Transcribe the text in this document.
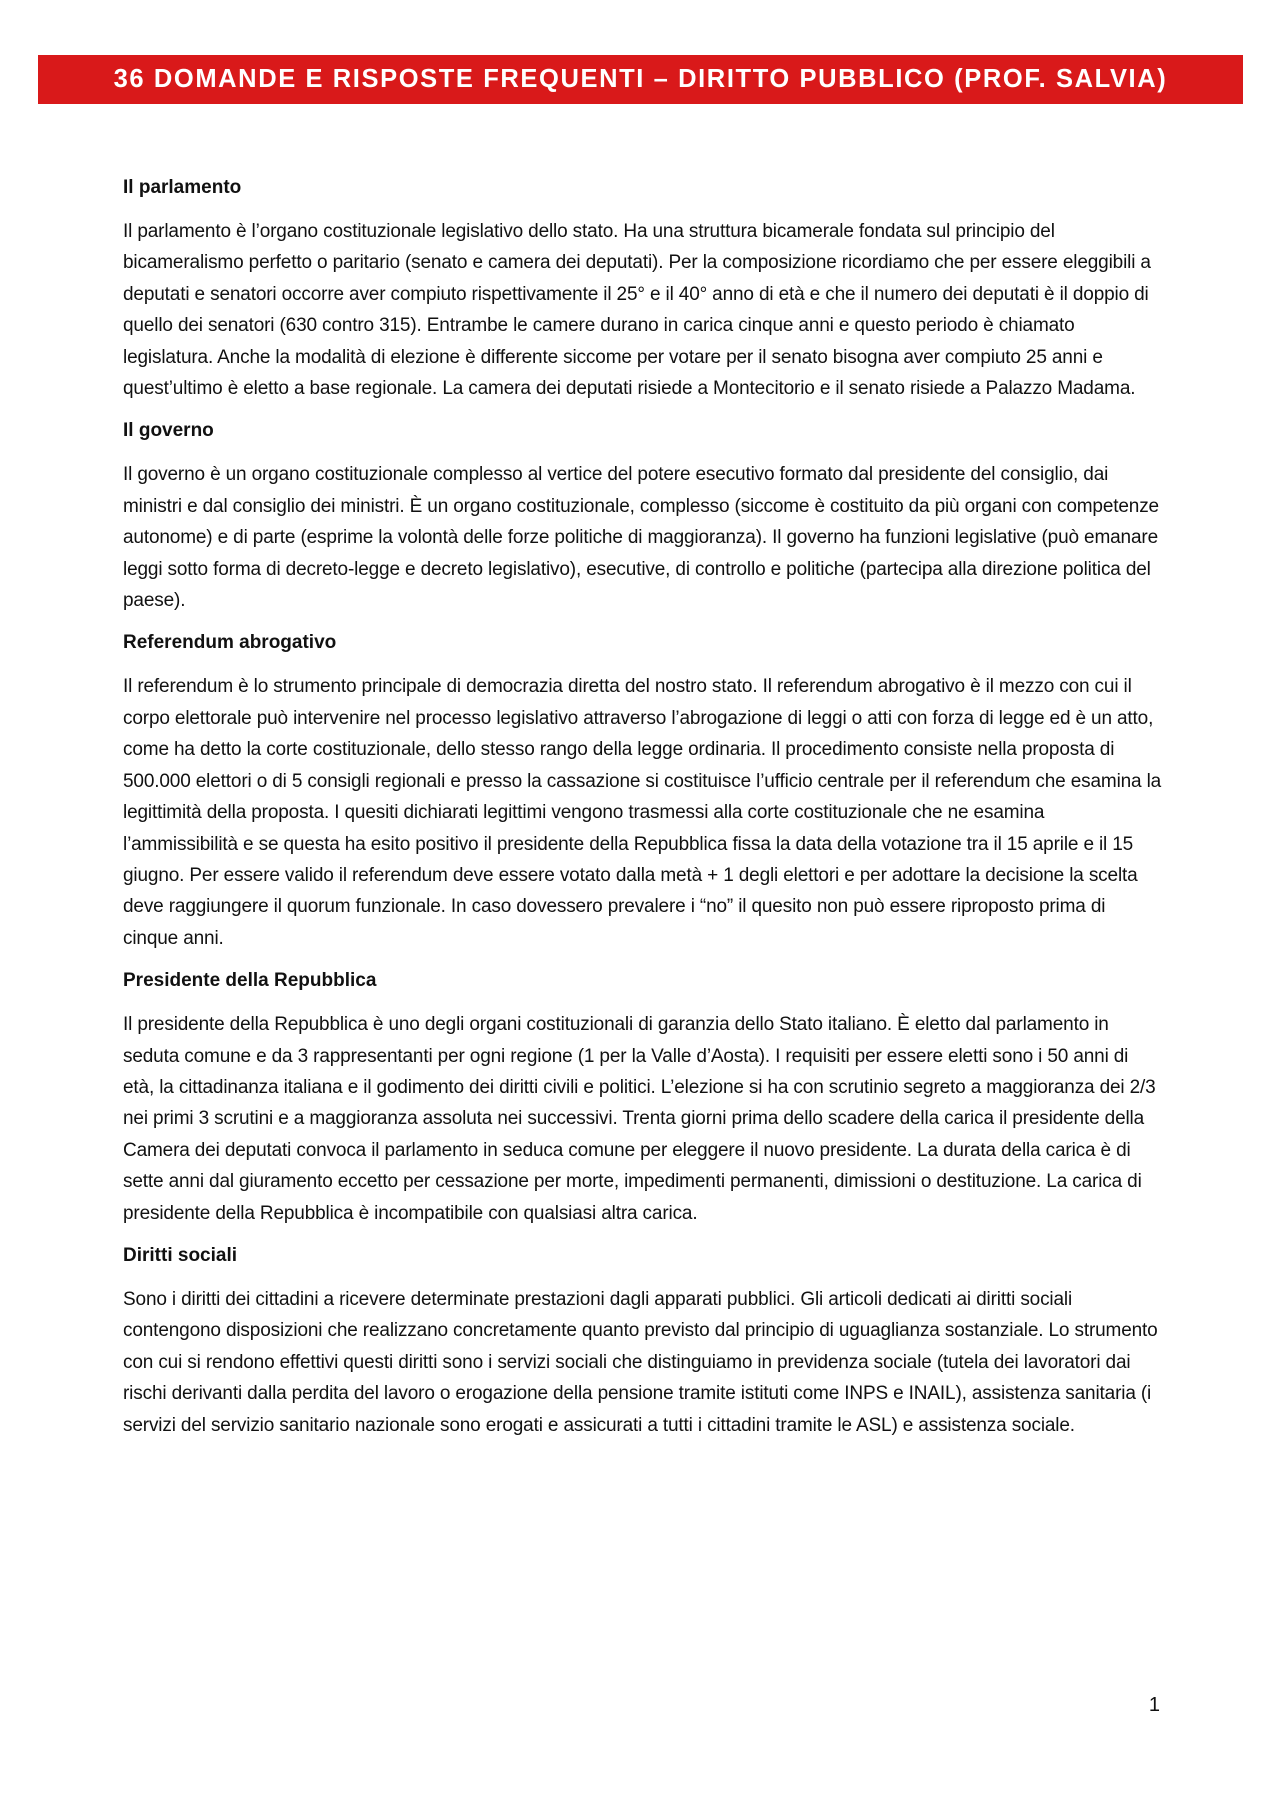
36 DOMANDE E RISPOSTE FREQUENTI – DIRITTO PUBBLICO (PROF. SALVIA)
Il parlamento
Il parlamento è l’organo costituzionale legislativo dello stato. Ha una struttura bicamerale fondata sul principio del bicameralismo perfetto o paritario (senato e camera dei deputati). Per la composizione ricordiamo che per essere eleggibili a deputati e senatori occorre aver compiuto rispettivamente il 25° e il 40° anno di età e che il numero dei deputati è il doppio di quello dei senatori (630 contro 315). Entrambe le camere durano in carica cinque anni e questo periodo è chiamato legislatura. Anche la modalità di elezione è differente siccome per votare per il senato bisogna aver compiuto 25 anni e quest’ultimo è eletto a base regionale. La camera dei deputati risiede a Montecitorio e il senato risiede a Palazzo Madama.
Il governo
Il governo è un organo costituzionale complesso al vertice del potere esecutivo formato dal presidente del consiglio, dai ministri e dal consiglio dei ministri. È un organo costituzionale, complesso (siccome è costituito da più organi con competenze autonome) e di parte (esprime la volontà delle forze politiche di maggioranza). Il governo ha funzioni legislative (può emanare leggi sotto forma di decreto-legge e decreto legislativo), esecutive, di controllo e politiche (partecipa alla direzione politica del paese).
Referendum abrogativo
Il referendum è lo strumento principale di democrazia diretta del nostro stato. Il referendum abrogativo è il mezzo con cui il corpo elettorale può intervenire nel processo legislativo attraverso l’abrogazione di leggi o atti con forza di legge ed è un atto, come ha detto la corte costituzionale, dello stesso rango della legge ordinaria. Il procedimento consiste nella proposta di 500.000 elettori o di 5 consigli regionali e presso la cassazione si costituisce l’ufficio centrale per il referendum che esamina la legittimità della proposta. I quesiti dichiarati legittimi vengono trasmessi alla corte costituzionale che ne esamina l’ammissibilità e se questa ha esito positivo il presidente della Repubblica fissa la data della votazione tra il 15 aprile e il 15 giugno. Per essere valido il referendum deve essere votato dalla metà + 1 degli elettori e per adottare la decisione la scelta deve raggiungere il quorum funzionale. In caso dovessero prevalere i “no” il quesito non può essere riproposto prima di cinque anni.
Presidente della Repubblica
Il presidente della Repubblica è uno degli organi costituzionali di garanzia dello Stato italiano. È eletto dal parlamento in seduta comune e da 3 rappresentanti per ogni regione (1 per la Valle d’Aosta). I requisiti per essere eletti sono i 50 anni di età, la cittadinanza italiana e il godimento dei diritti civili e politici. L’elezione si ha con scrutinio segreto a maggioranza dei 2/3 nei primi 3 scrutini e a maggioranza assoluta nei successivi. Trenta giorni prima dello scadere della carica il presidente della Camera dei deputati convoca il parlamento in seduca comune per eleggere il nuovo presidente. La durata della carica è di sette anni dal giuramento eccetto per cessazione per morte, impedimenti permanenti, dimissioni o destituzione. La carica di presidente della Repubblica è incompatibile con qualsiasi altra carica.
Diritti sociali
Sono i diritti dei cittadini a ricevere determinate prestazioni dagli apparati pubblici. Gli articoli dedicati ai diritti sociali contengono disposizioni che realizzano concretamente quanto previsto dal principio di uguaglianza sostanziale. Lo strumento con cui si rendono effettivi questi diritti sono i servizi sociali che distinguiamo in previdenza sociale (tutela dei lavoratori dai rischi derivanti dalla perdita del lavoro o erogazione della pensione tramite istituti come INPS e INAIL), assistenza sanitaria (i servizi del servizio sanitario nazionale sono erogati e assicurati a tutti i cittadini tramite le ASL) e assistenza sociale.
1
